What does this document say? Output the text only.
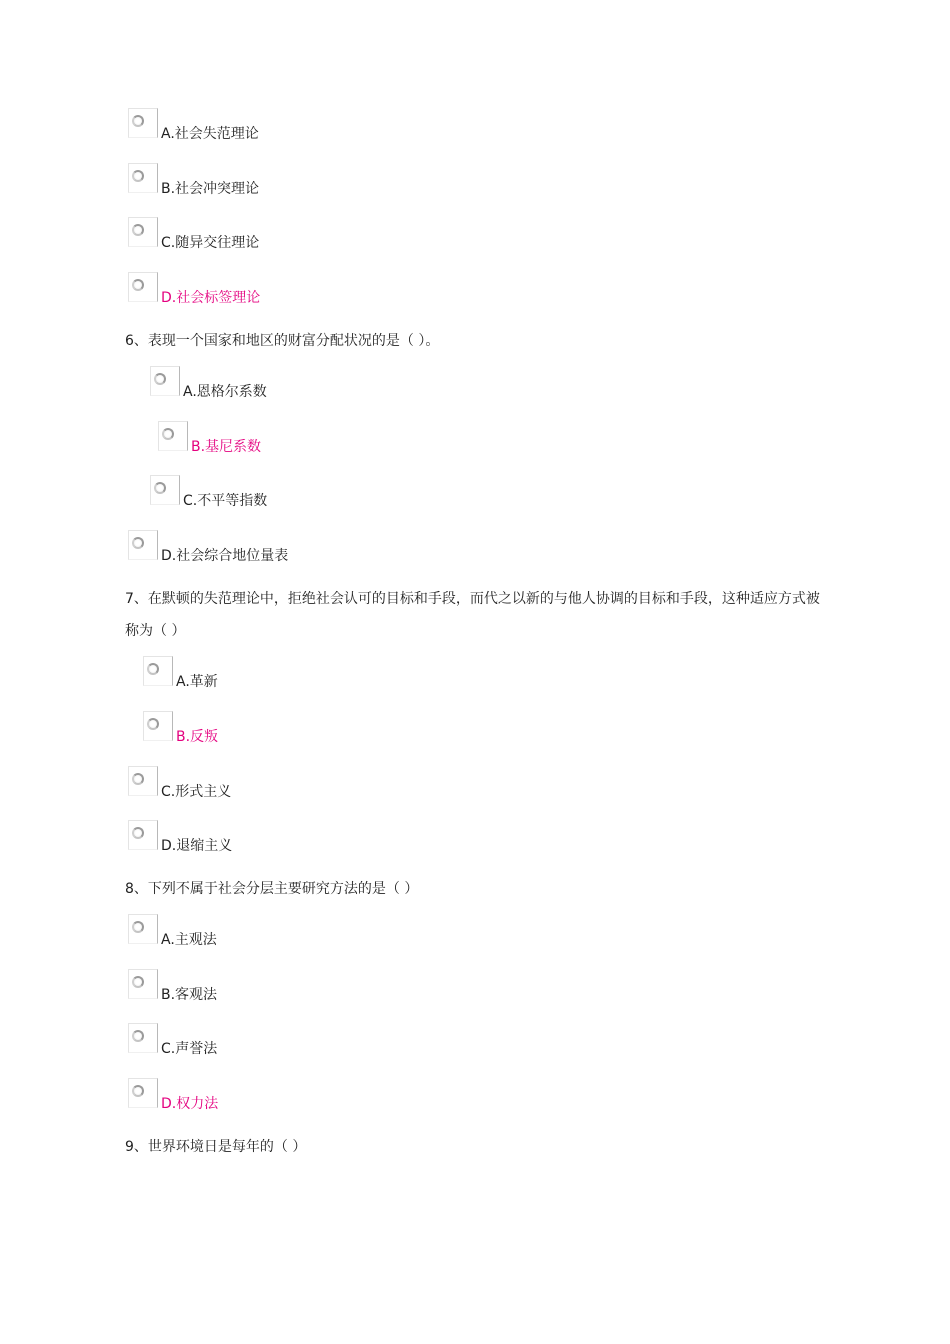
A.社会失范理论
B.社会冲突理论
C.随异交往理论
D.社会标签理论
6、表现一个国家和地区的财富分配状况的是（ ）。
A.恩格尔系数
B.基尼系数
C.不平等指数
D.社会综合地位量表
7、在默顿的失范理论中，拒绝社会认可的目标和手段，而代之以新的与他人协调的目标和手段，这种适应方式被称为（ ）
A.革新
B.反叛
C.形式主义
D.退缩主义
8、下列不属于社会分层主要研究方法的是（ ）
A.主观法
B.客观法
C.声誉法
D.权力法
9、世界环境日是每年的（ ）
